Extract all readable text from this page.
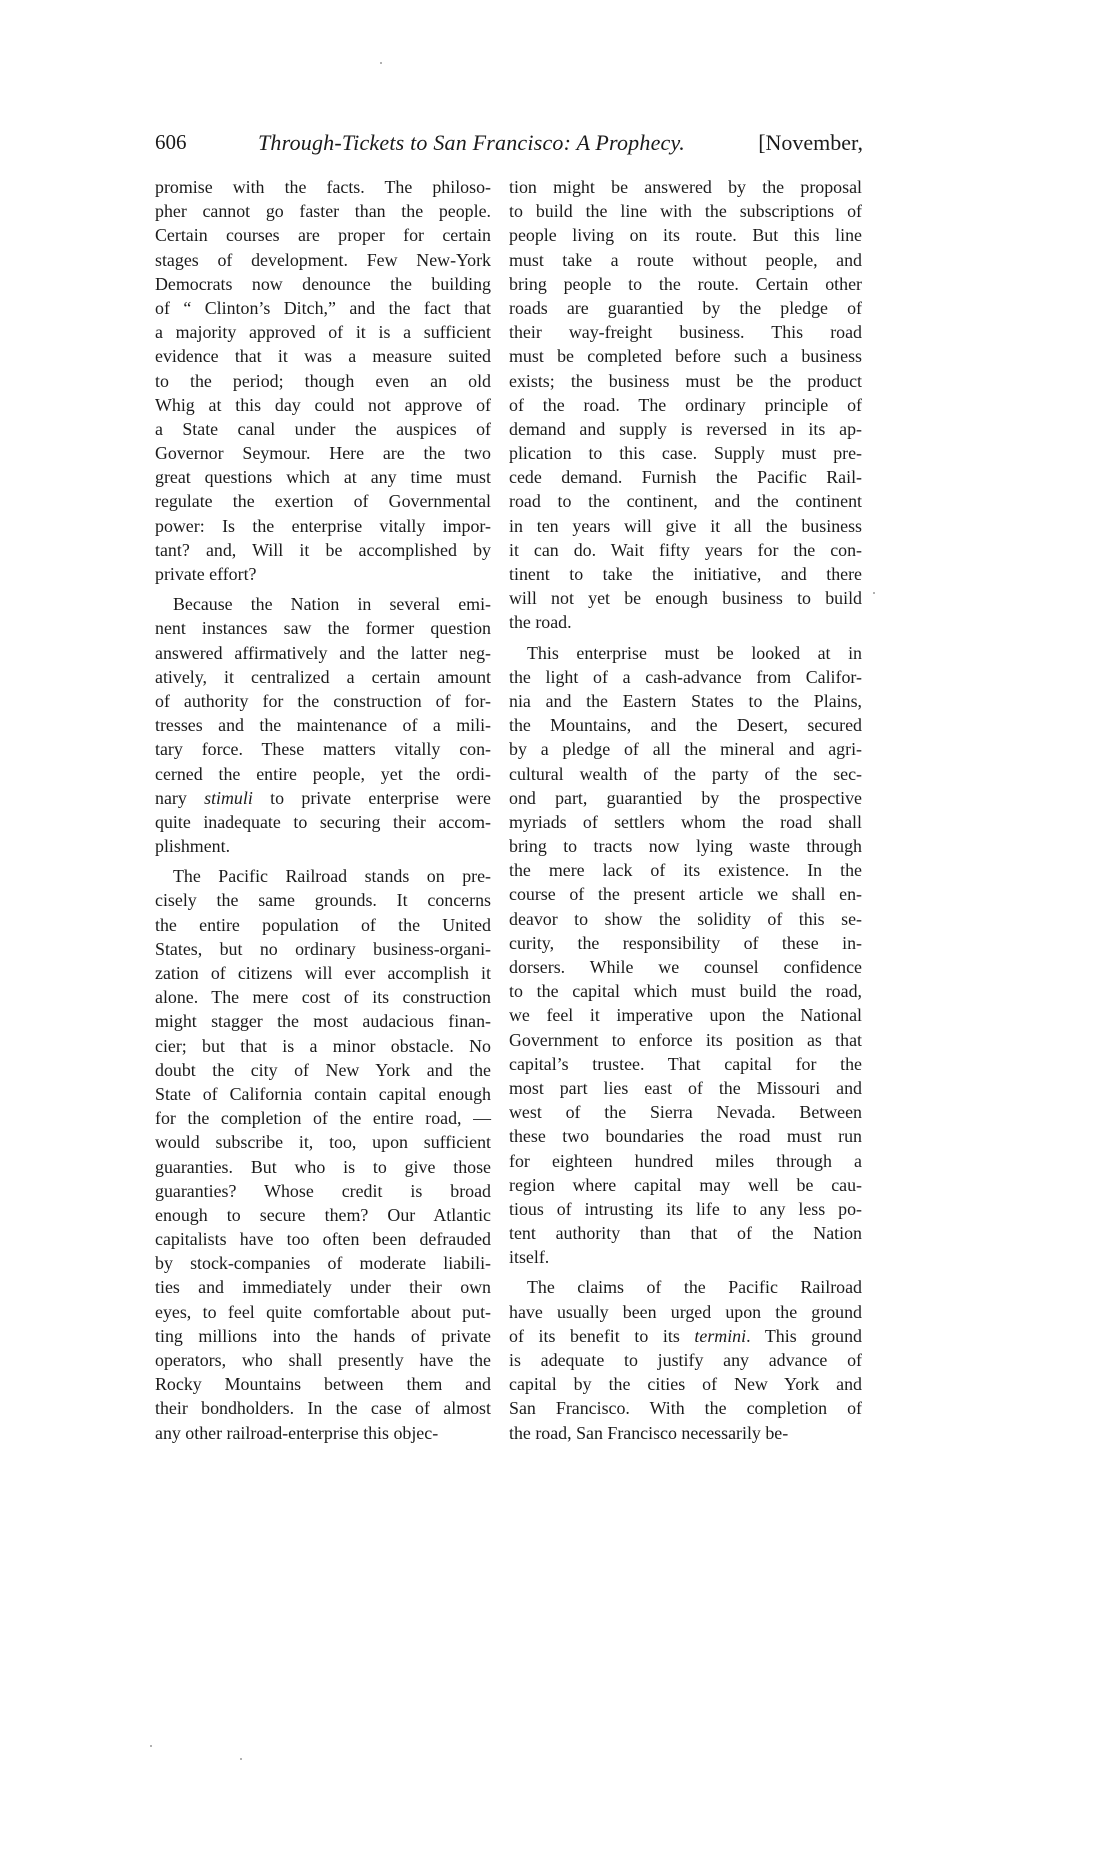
606	Through-Tickets to San Francisco: A Prophecy.	[November,
promise with the facts. The philoso-
pher cannot go faster than the people.
Certain courses are proper for certain
stages of development. Few New-York
Democrats now denounce the building
of “ Clinton’s Ditch,” and the fact that
a majority approved of it is a sufficient
evidence that it was a measure suited
to the period; though even an old
Whig at this day could not approve of
a State canal under the auspices of
Governor Seymour. Here are the two
great questions which at any time must
regulate the exertion of Governmental
power: Is the enterprise vitally impor-
tant? and, Will it be accomplished by
private effort?
Because the Nation in several emi-
nent instances saw the former question
answered affirmatively and the latter neg-
atively, it centralized a certain amount
of authority for the construction of for-
tresses and the maintenance of a mili-
tary force. These matters vitally con-
cerned the entire people, yet the ordi-
nary stimuli to private enterprise were
quite inadequate to securing their accom-
plishment.
The Pacific Railroad stands on pre-
cisely the same grounds. It concerns
the entire population of the United
States, but no ordinary business-organi-
zation of citizens will ever accomplish it
alone. The mere cost of its construction
might stagger the most audacious finan-
cier; but that is a minor obstacle. No
doubt the city of New York and the
State of California contain capital enough
for the completion of the entire road, —
would subscribe it, too, upon sufficient
guaranties. But who is to give those
guaranties? Whose credit is broad
enough to secure them? Our Atlantic
capitalists have too often been defrauded
by stock-companies of moderate liabili-
ties and immediately under their own
eyes, to feel quite comfortable about put-
ting millions into the hands of private
operators, who shall presently have the
Rocky Mountains between them and
their bondholders. In the case of almost
any other railroad-enterprise this objec-
tion might be answered by the proposal
to build the line with the subscriptions of
people living on its route. But this line
must take a route without people, and
bring people to the route. Certain other
roads are guarantied by the pledge of
their way-freight business. This road
must be completed before such a business
exists; the business must be the product
of the road. The ordinary principle of
demand and supply is reversed in its ap-
plication to this case. Supply must pre-
cede demand. Furnish the Pacific Rail-
road to the continent, and the continent
in ten years will give it all the business
it can do. Wait fifty years for the con-
tinent to take the initiative, and there
will not yet be enough business to build
the road.
This enterprise must be looked at in
the light of a cash-advance from Califor-
nia and the Eastern States to the Plains,
the Mountains, and the Desert, secured
by a pledge of all the mineral and agri-
cultural wealth of the party of the sec-
ond part, guarantied by the prospective
myriads of settlers whom the road shall
bring to tracts now lying waste through
the mere lack of its existence. In the
course of the present article we shall en-
deavor to show the solidity of this se-
curity, the responsibility of these in-
dorsers. While we counsel confidence
to the capital which must build the road,
we feel it imperative upon the National
Government to enforce its position as that
capital’s trustee. That capital for the
most part lies east of the Missouri and
west of the Sierra Nevada. Between
these two boundaries the road must run
for eighteen hundred miles through a
region where capital may well be cau-
tious of intrusting its life to any less po-
tent authority than that of the Nation
itself.
The claims of the Pacific Railroad
have usually been urged upon the ground
of its benefit to its termini. This ground
is adequate to justify any advance of
capital by the cities of New York and
San Francisco. With the completion of
the road, San Francisco necessarily be-
